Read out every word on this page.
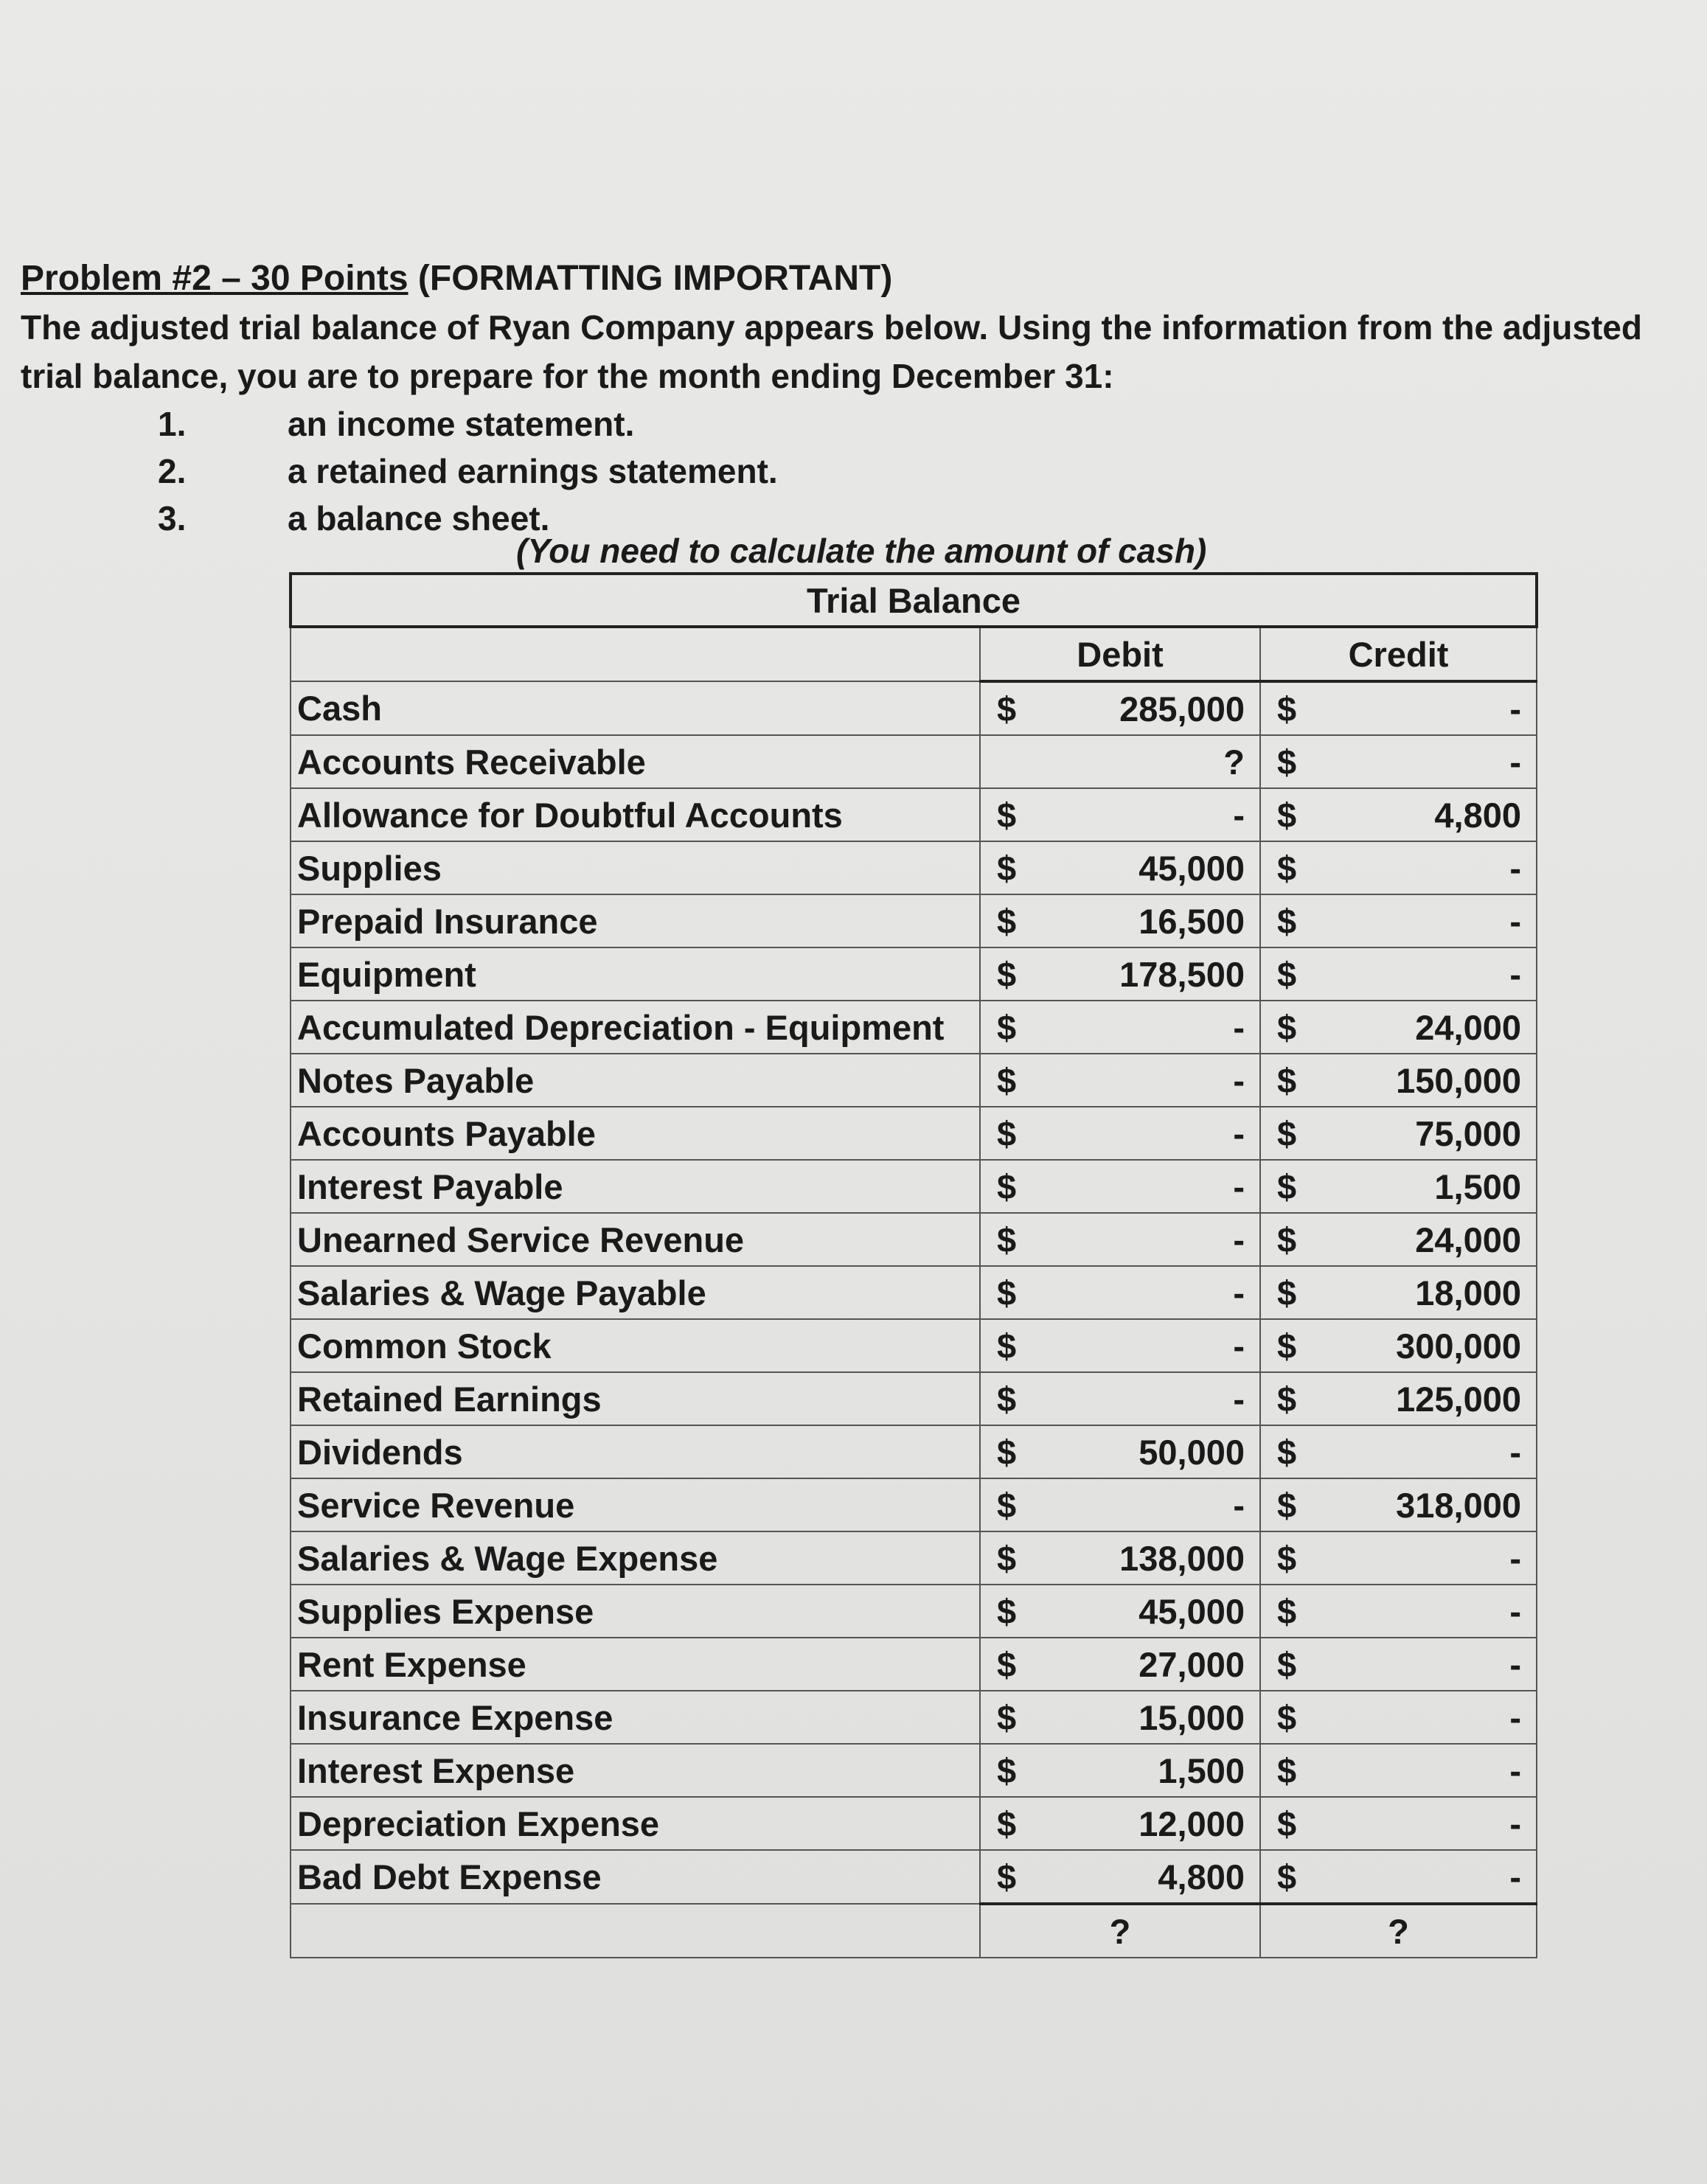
Problem #2 – 30 Points (FORMATTING IMPORTANT)
The adjusted trial balance of Ryan Company appears below. Using the information from the adjusted trial balance, you are to prepare for the month ending December 31:
1.	an income statement.
2.	a retained earnings statement.
3.	a balance sheet.
(You need to calculate the amount of cash)
Trial Balance		
	Debit	Credit
Cash	$ 285,000	$ -

Accounts Receivable	?	$ -

Allowance for Doubtful Accounts	$ -	$ 4,800

Supplies	$ 45,000	$ -

Prepaid Insurance	$ 16,500	$ -

Equipment	$ 178,500	$ -

Accumulated Depreciation - Equipment	$ -	$ 24,000

Notes Payable	$ -	$ 150,000

Accounts Payable	$ -	$ 75,000

Interest Payable	$ -	$ 1,500

Unearned Service Revenue	$ -	$ 24,000

Salaries & Wage Payable	$ -	$ 18,000

Common Stock	$ -	$ 300,000

Retained Earnings	$ -	$ 125,000

Dividends	$ 50,000	$ -

Service Revenue	$ -	$ 318,000

Salaries & Wage Expense	$ 138,000	$ -

Supplies Expense	$ 45,000	$ -

Rent Expense	$ 27,000	$ -

Insurance Expense	$ 15,000	$ -

Interest Expense	$ 1,500	$ -

Depreciation Expense	$ 12,000	$ -

Bad Debt Expense	$ 4,800	$ -

	?	?
